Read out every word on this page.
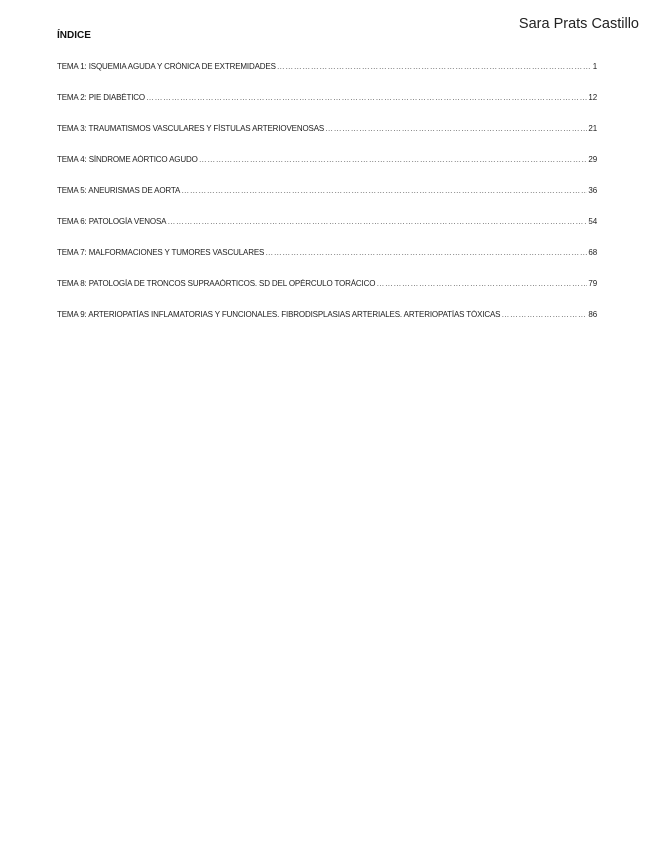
Sara Prats Castillo
ÍNDICE
TEMA 1: ISQUEMIA AGUDA Y CRÓNICA DE EXTREMIDADES ……………………………………………………………………………………………………………………………………………………………………………………………………	1
TEMA 2: PIE DIABÉTICO ……………………………………………………………………………………………………………………………………………………………………………………………………	12
TEMA 3: TRAUMATISMOS VASCULARES Y FÍSTULAS ARTERIOVENOSAS ……………………………………………………………………………………………………………………………………………………………………………………………………	21
TEMA 4: SÍNDROME AÓRTICO AGUDO ……………………………………………………………………………………………………………………………………………………………………………………………………	29
TEMA 5: ANEURISMAS DE AORTA ……………………………………………………………………………………………………………………………………………………………………………………………………	36
TEMA 6: PATOLOGÍA VENOSA ……………………………………………………………………………………………………………………………………………………………………………………………………	54
TEMA 7: MALFORMACIONES Y TUMORES VASCULARES ……………………………………………………………………………………………………………………………………………………………………………………………………	68
TEMA 8: PATOLOGÍA DE TRONCOS SUPRAAÓRTICOS. SD DEL OPÉRCULO TORÁCICO ……………………………………………………………………………………………………………………………………………………………………………………………………	79
TEMA 9: ARTERIOPATÍAS INFLAMATORIAS Y FUNCIONALES. FIBRODISPLASIAS ARTERIALES. ARTERIOPATÍAS TÓXICAS ……………………………………………………………………………………………………………………………………………………………………………………………………	86
